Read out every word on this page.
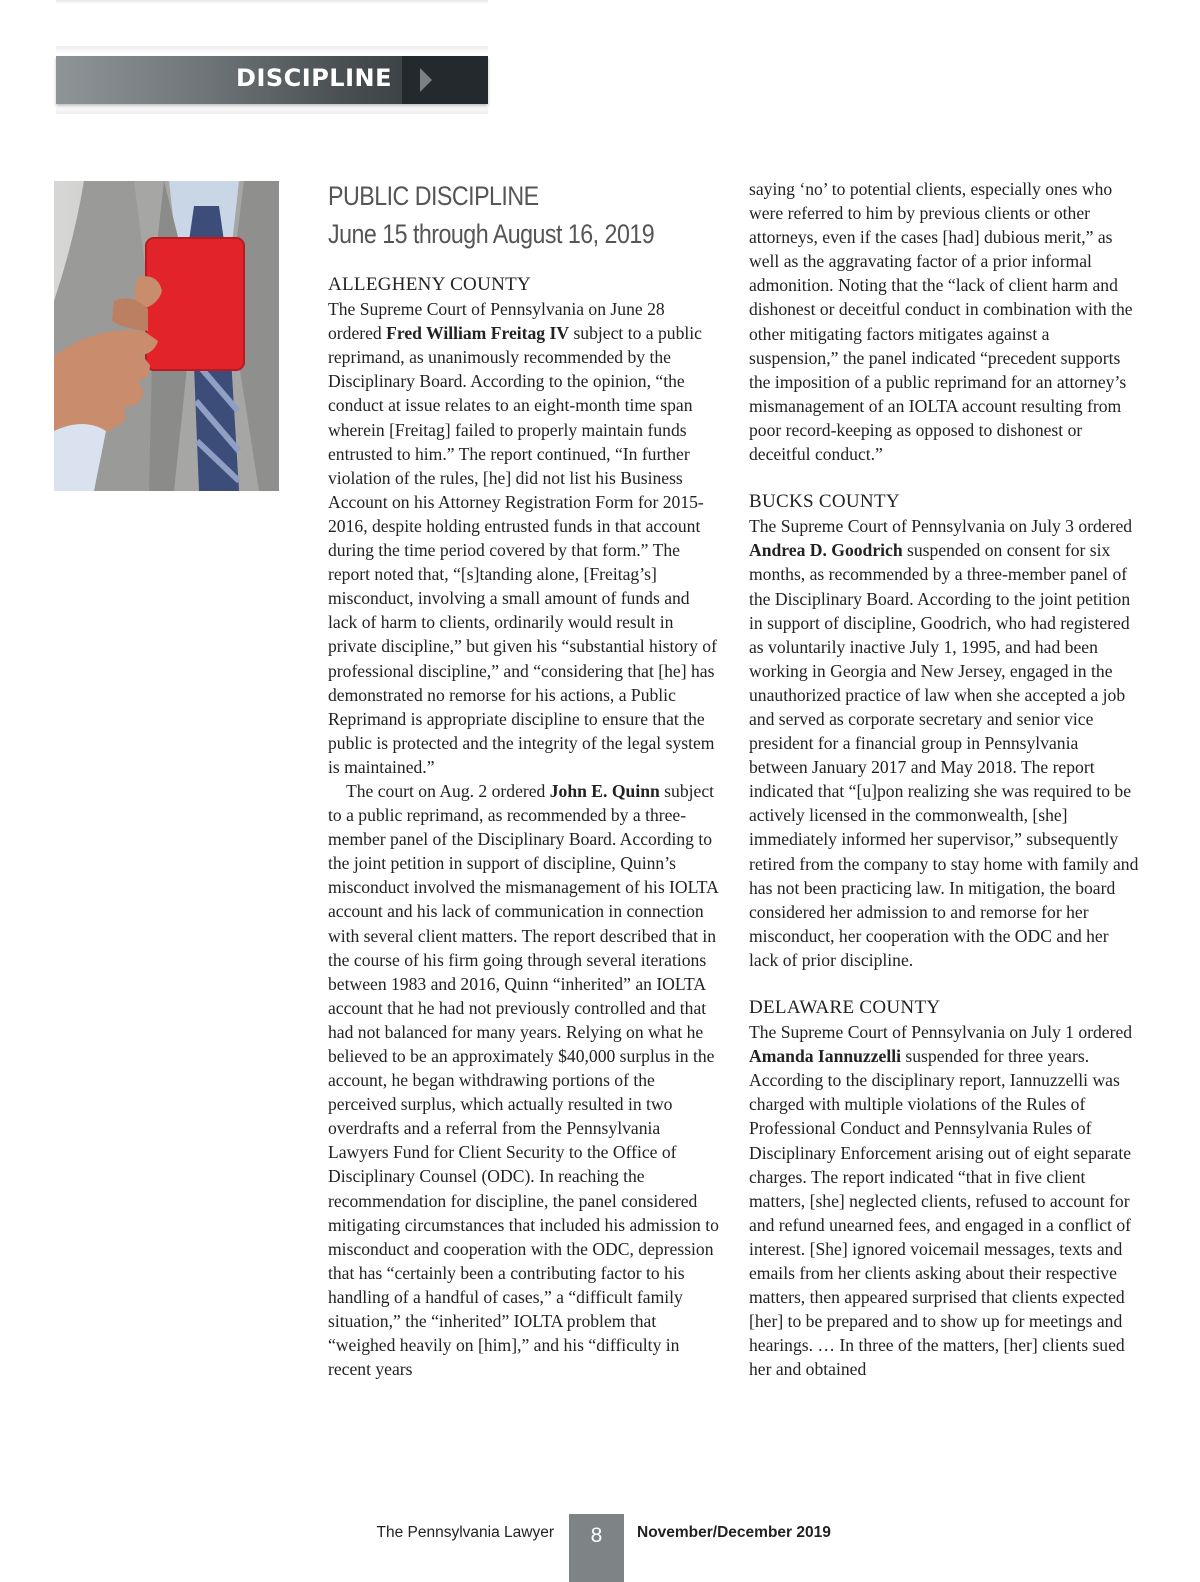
DISCIPLINE
PUBLIC DISCIPLINE
June 15 through August 16, 2019

ALLEGHENY COUNTY

The Supreme Court of Pennsylvania on June 28 ordered Fred William Freitag IV subject to a public reprimand, as unanimously recommended by the Disciplinary Board. According to the opinion, “the conduct at issue relates to an eight-month time span wherein [Freitag] failed to properly maintain funds entrusted to him.” The report continued, “In further violation of the rules, [he] did not list his Business Account on his Attorney Registration Form for 2015-2016, despite holding entrusted funds in that account during the time period covered by that form.” The report noted that, “[s]tanding alone, [Freitag’s] misconduct, involving a small amount of funds and lack of harm to clients, ordinarily would result in private discipline,” but given his “substantial history of professional discipline,” and “considering that [he] has demonstrated no remorse for his actions, a Public Reprimand is appropriate discipline to ensure that the public is protected and the integrity of the legal system is maintained.”

The court on Aug. 2 ordered John E. Quinn subject to a public reprimand, as recommended by a three-member panel of the Disciplinary Board. According to the joint petition in support of discipline, Quinn’s misconduct involved the mismanagement of his IOLTA account and his lack of communication in connection with several client matters. The report described that in the course of his firm going through several iterations between 1983 and 2016, Quinn “inherited” an IOLTA account that he had not previously controlled and that had not balanced for many years. Relying on what he believed to be an approximately $40,000 surplus in the account, he began withdrawing portions of the perceived surplus, which actually resulted in two overdrafts and a referral from the Pennsylvania Lawyers Fund for Client Security to the Office of Disciplinary Counsel (ODC). In reaching the recommendation for discipline, the panel considered mitigating circumstances that included his admission to misconduct and cooperation with the ODC, depression that has “certainly been a contributing factor to his handling of a handful of cases,” a “difficult family situation,” the “inherited” IOLTA problem that “weighed heavily on [him],” and his “difficulty in recent years

saying ‘no’ to potential clients, especially ones who were referred to him by previous clients or other attorneys, even if the cases [had] dubious merit,” as well as the aggravating factor of a prior informal admonition. Noting that the “lack of client harm and dishonest or deceitful conduct in combination with the other mitigating factors mitigates against a suspension,” the panel indicated “precedent supports the imposition of a public reprimand for an attorney’s mismanagement of an IOLTA account resulting from poor record-keeping as opposed to dishonest or deceitful conduct.”

BUCKS COUNTY

The Supreme Court of Pennsylvania on July 3 ordered Andrea D. Goodrich suspended on consent for six months, as recommended by a three-member panel of the Disciplinary Board. According to the joint petition in support of discipline, Goodrich, who had registered as voluntarily inactive July 1, 1995, and had been working in Georgia and New Jersey, engaged in the unauthorized practice of law when she accepted a job and served as corporate secretary and senior vice president for a financial group in Pennsylvania between January 2017 and May 2018. The report indicated that “[u]pon realizing she was required to be actively licensed in the commonwealth, [she] immediately informed her supervisor,” subsequently retired from the company to stay home with family and has not been practicing law. In mitigation, the board considered her admission to and remorse for her misconduct, her cooperation with the ODC and her lack of prior discipline.

DELAWARE COUNTY

The Supreme Court of Pennsylvania on July 1 ordered Amanda Iannuzzelli suspended for three years. According to the disciplinary report, Iannuzzelli was charged with multiple violations of the Rules of Professional Conduct and Pennsylvania Rules of Disciplinary Enforcement arising out of eight separate charges. The report indicated “that in five client matters, [she] neglected clients, refused to account for and refund unearned fees, and engaged in a conflict of interest. [She] ignored voicemail messages, texts and emails from her clients asking about their respective matters, then appeared surprised that clients expected [her] to be prepared and to show up for meetings and hearings. … In three of the matters, [her] clients sued her and obtained

The Pennsylvania Lawyer	8	November/December 2019
